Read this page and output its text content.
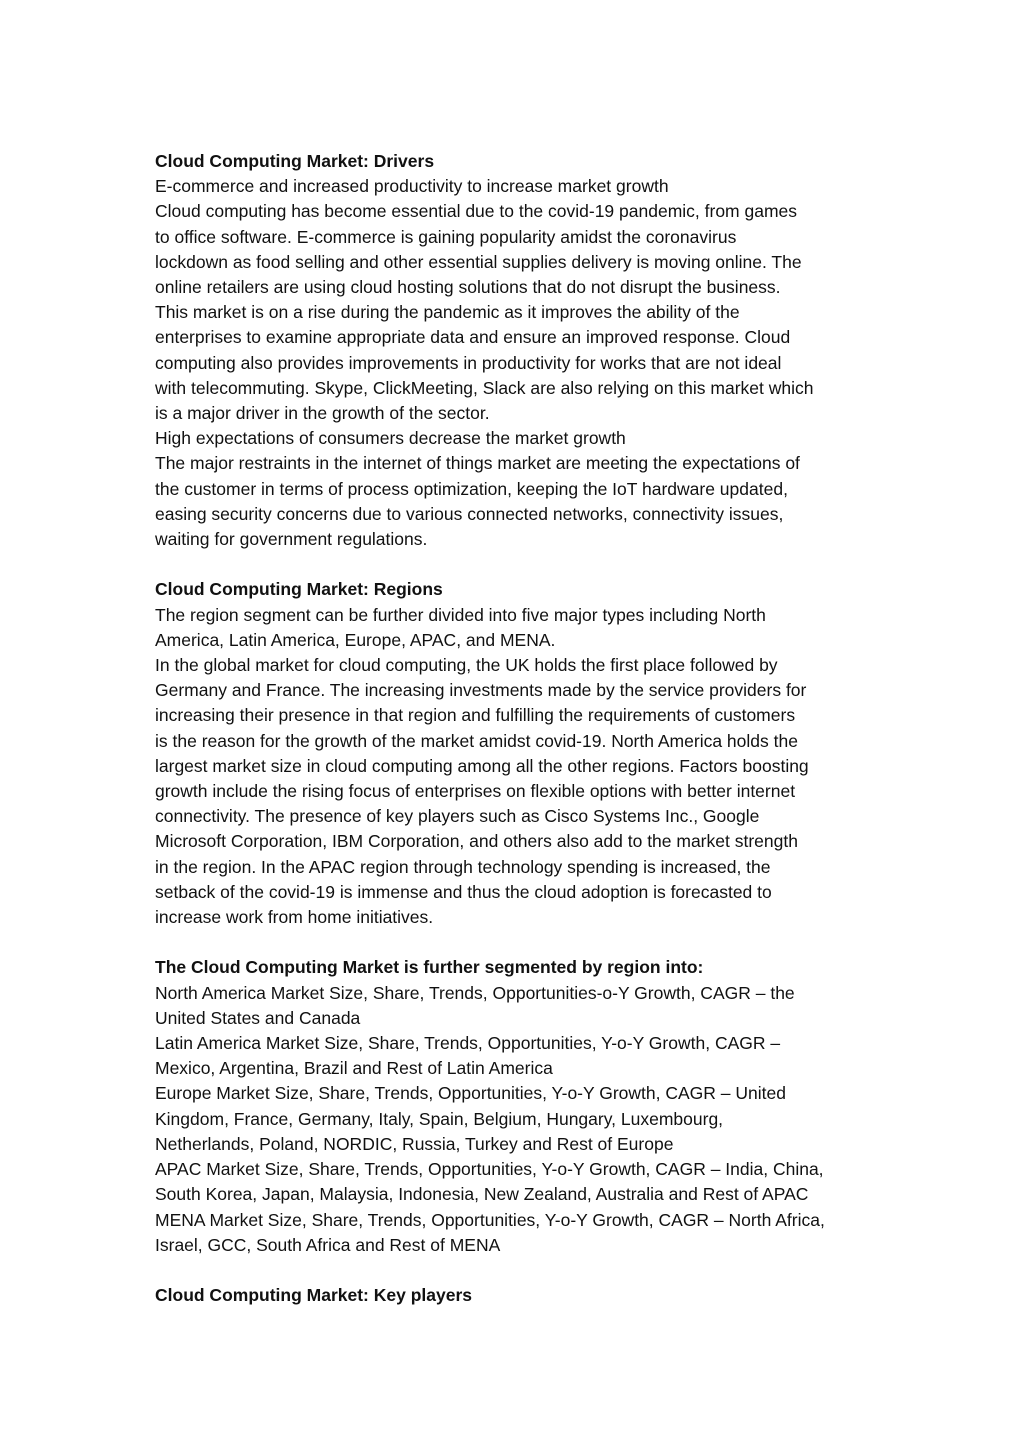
Cloud Computing Market: Drivers
E-commerce and increased productivity to increase market growth
Cloud computing has become essential due to the covid-19 pandemic, from games
to office software. E-commerce is gaining popularity amidst the coronavirus
lockdown as food selling and other essential supplies delivery is moving online. The
online retailers are using cloud hosting solutions that do not disrupt the business.
This market is on a rise during the pandemic as it improves the ability of the
enterprises to examine appropriate data and ensure an improved response. Cloud
computing also provides improvements in productivity for works that are not ideal
with telecommuting. Skype, ClickMeeting, Slack are also relying on this market which
is a major driver in the growth of the sector.
High expectations of consumers decrease the market growth
The major restraints in the internet of things market are meeting the expectations of
the customer in terms of process optimization, keeping the IoT hardware updated,
easing security concerns due to various connected networks, connectivity issues,
waiting for government regulations.
Cloud Computing Market: Regions
The region segment can be further divided into five major types including North
America, Latin America, Europe, APAC, and MENA.
In the global market for cloud computing, the UK holds the first place followed by
Germany and France. The increasing investments made by the service providers for
increasing their presence in that region and fulfilling the requirements of customers
is the reason for the growth of the market amidst covid-19. North America holds the
largest market size in cloud computing among all the other regions. Factors boosting
growth include the rising focus of enterprises on flexible options with better internet
connectivity. The presence of key players such as Cisco Systems Inc., Google
Microsoft Corporation, IBM Corporation, and others also add to the market strength
in the region. In the APAC region through technology spending is increased, the
setback of the covid-19 is immense and thus the cloud adoption is forecasted to
increase work from home initiatives.
The Cloud Computing Market is further segmented by region into:
North America Market Size, Share, Trends, Opportunities-o-Y Growth, CAGR – the
United States and Canada
Latin America Market Size, Share, Trends, Opportunities, Y-o-Y Growth, CAGR –
Mexico, Argentina, Brazil and Rest of Latin America
Europe Market Size, Share, Trends, Opportunities, Y-o-Y Growth, CAGR – United
Kingdom, France, Germany, Italy, Spain, Belgium, Hungary, Luxembourg,
Netherlands, Poland, NORDIC, Russia, Turkey and Rest of Europe
APAC Market Size, Share, Trends, Opportunities, Y-o-Y Growth, CAGR – India, China,
South Korea, Japan, Malaysia, Indonesia, New Zealand, Australia and Rest of APAC
MENA Market Size, Share, Trends, Opportunities, Y-o-Y Growth, CAGR – North Africa,
Israel, GCC, South Africa and Rest of MENA
Cloud Computing Market: Key players
